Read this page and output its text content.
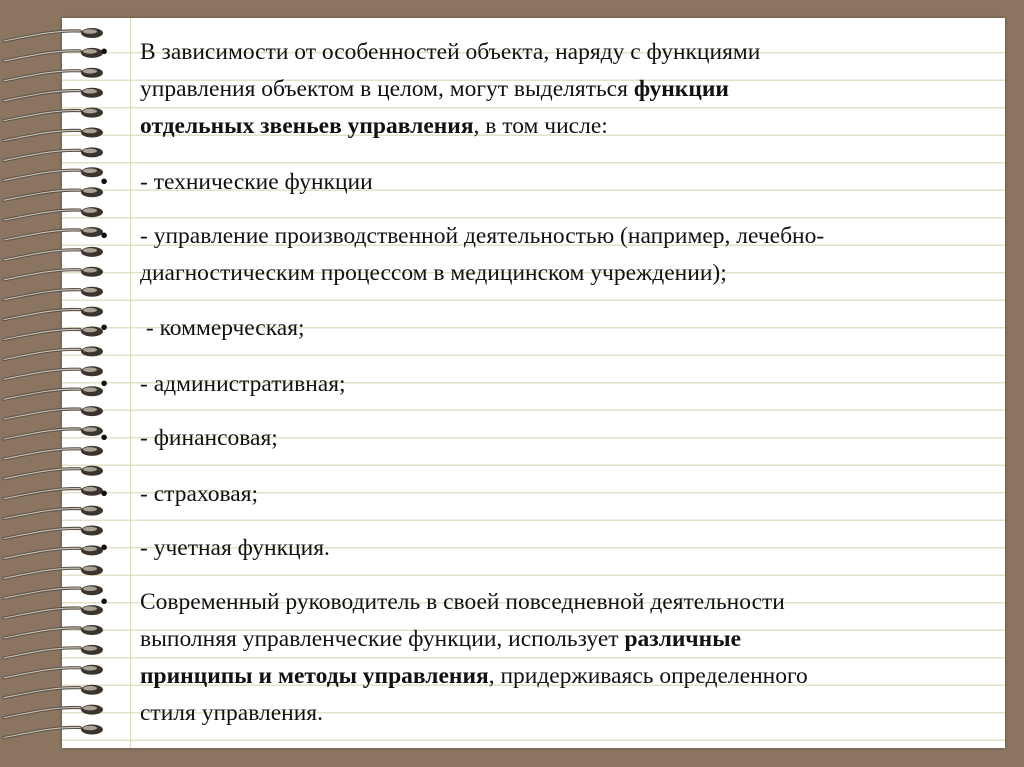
•	В зависимости от особенностей объекта, наряду с функциями
управления объектом в целом, могут выделяться функции
отдельных звеньев управления, в том числе:
•	- технические функции
•	- управление производственной деятельностью (например, лечебно-
диагностическим процессом в медицинском учреждении);
•	- коммерческая;
•	- административная;
•	- финансовая;
•	- страховая;
•	- учетная функция.
•	Современный руководитель в своей повседневной деятельности
выполняя управленческие функции, использует различные
принципы и методы управления, придерживаясь определенного
стиля управления.
